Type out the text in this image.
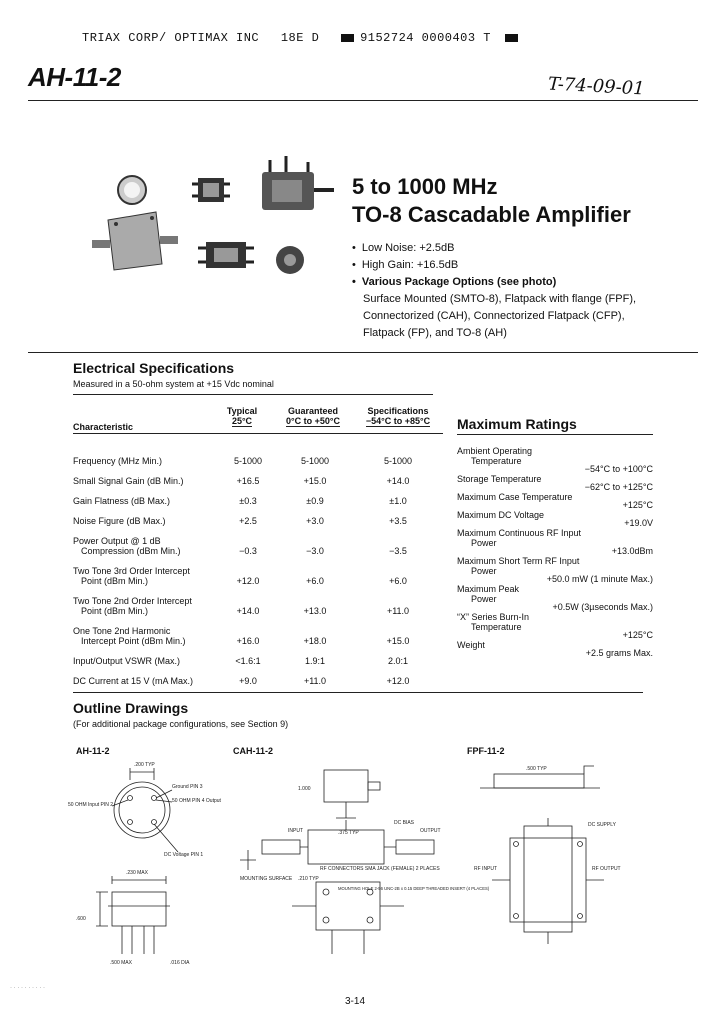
TRIAX CORP/ OPTIMAX INC 18E D	9152724 0000403 T
AH-11-2	T-74-09-01
5 to 1000 MHz
TO-8 Cascadable Amplifier
• Low Noise: +2.5dB
• High Gain: +16.5dB
• Various Package Options (see photo)
Surface Mounted (SMTO-8), Flatpack with flange (FPF),
Connectorized (CAH), Connectorized Flatpack (CFP),
Flatpack (FP), and TO-8 (AH)
Electrical Specifications
Measured in a 50-ohm system at +15 Vdc nominal
Typical
25°C
Guaranteed
0°C to +50°C
Specifications
−54°C to +85°C
Characteristic
Frequency (MHz Min.)	5-1000	5-1000	5-1000

Small Signal Gain (dB Min.)	+16.5	+15.0	+14.0

Gain Flatness (dB Max.)	±0.3	±0.9	±1.0

Noise Figure (dB Max.)	+2.5	+3.0	+3.5

Power Output @ 1 dB
Compression (dBm Min.)	−0.3	−3.0	−3.5

Two Tone 3rd Order Intercept
Point (dBm Min.)	+12.0	+6.0	+6.0

Two Tone 2nd Order Intercept
Point (dBm Min.)	+14.0	+13.0	+11.0

One Tone 2nd Harmonic
Intercept Point (dBm Min.)	+16.0	+18.0	+15.0

Input/Output VSWR (Max.)	<1.6:1	1.9:1	2.0:1

DC Current at 15 V (mA Max.)	+9.0	+11.0	+12.0
Maximum Ratings
Ambient Operating
Temperature
−54°C to +100°C
Storage Temperature
−62°C to +125°C
Maximum Case Temperature
+125°C
Maximum DC Voltage
+19.0V
Maximum Continuous RF Input
Power
+13.0dBm
Maximum Short Term RF Input
Power
+50.0 mW (1 minute Max.)
Maximum Peak
Power
+0.5W (3µseconds Max.)
“X” Series Burn-In
Temperature
+125°C
Weight
+2.5 grams Max.
Outline Drawings
(For additional package configurations, see Section 9)
AH-11-2	CAH-11-2	FPF-11-2
.200 TYP
Ground PIN 3
50 OHM PIN 4 Output
50 OHM Input PIN 2
DC Voltage PIN 1
.230 MAX
.600
.500 MAX	.016 DIA
1.000
INPUT	.375 TYP
DC BIAS
OUTPUT
RF CONNECTORS SMA JACK (FEMALE) 2 PLACES
MOUNTING SURFACE .210 TYP
MOUNTING HOLE 2-56 UNC-2B x 0.15 DEEP THREADED INSERT (4 PLACES)
.500 TYP
DC SUPPLY
RF INPUT	RF OUTPUT
· · · · · · · · · ·
3-14
